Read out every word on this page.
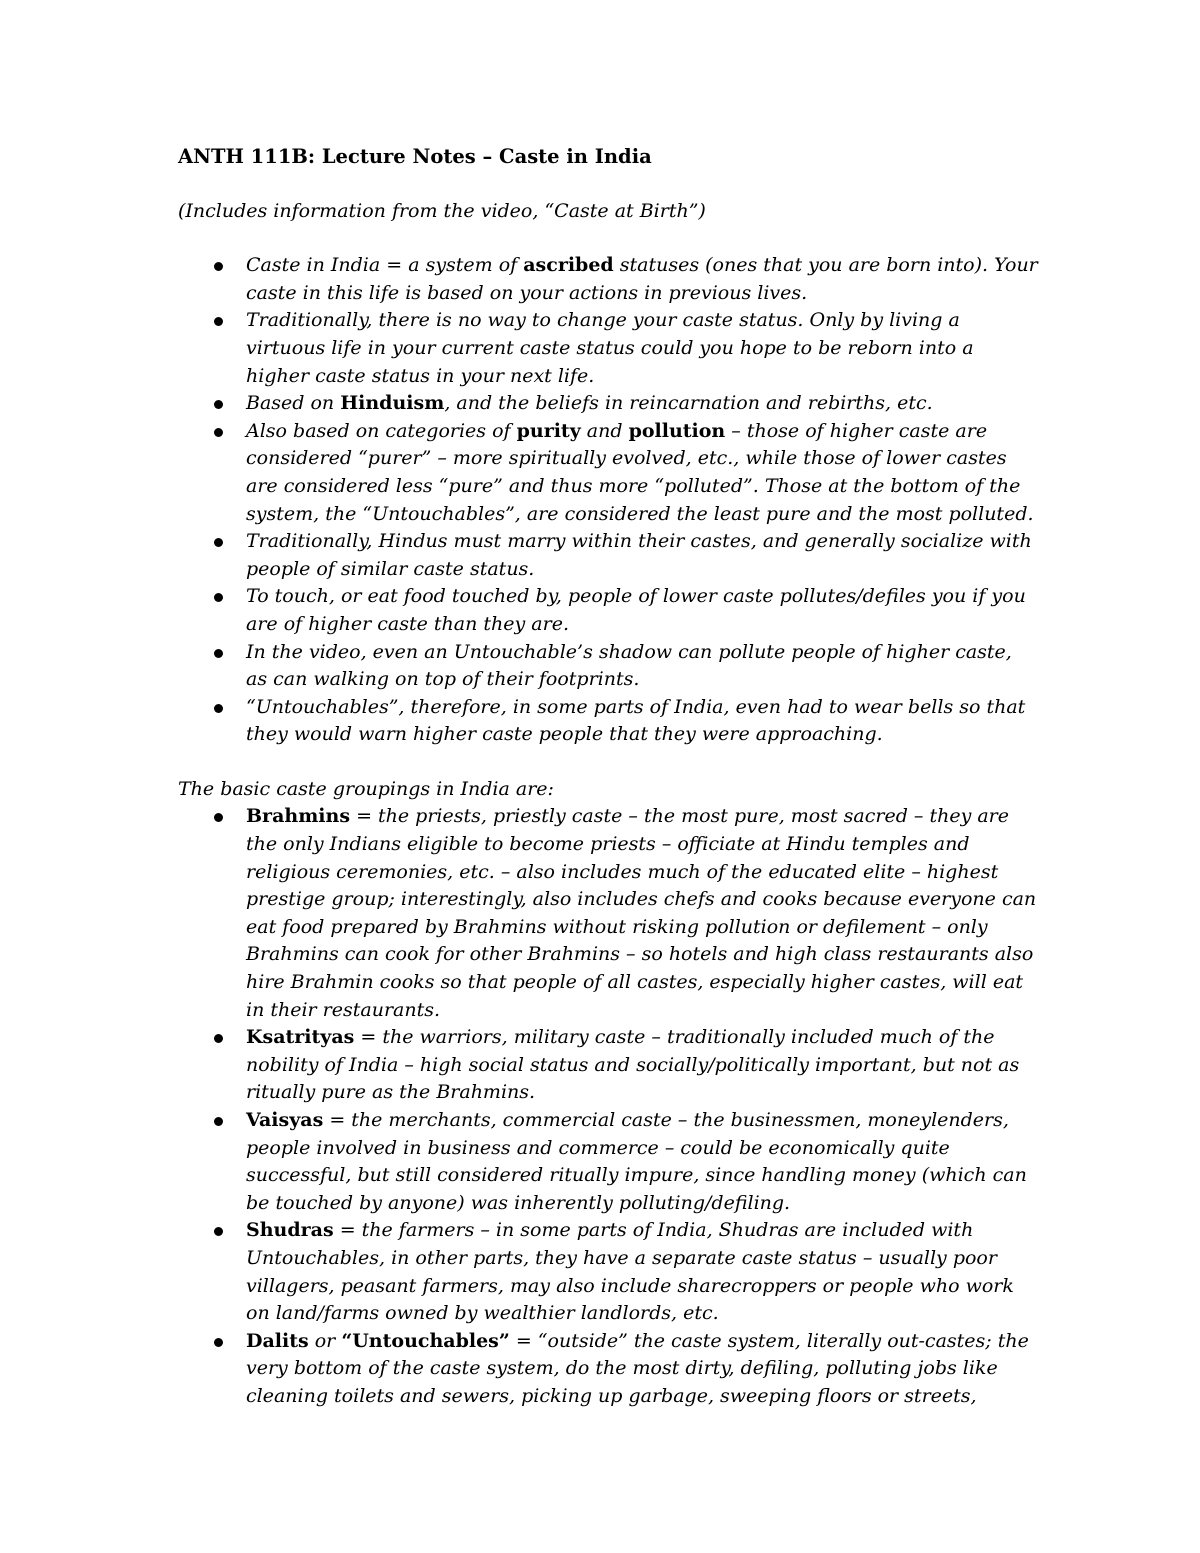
ANTH 111B: Lecture Notes – Caste in India

(Includes information from the video, “Caste at Birth”)

Caste in India = a system of ascribed statuses (ones that you are born into). Your caste in this life is based on your actions in previous lives.
Traditionally, there is no way to change your caste status. Only by living a virtuous life in your current caste status could you hope to be reborn into a higher caste status in your next life.
Based on Hinduism, and the beliefs in reincarnation and rebirths, etc.
Also based on categories of purity and pollution – those of higher caste are considered “purer” – more spiritually evolved, etc., while those of lower castes are considered less “pure” and thus more “polluted”. Those at the bottom of the system, the “Untouchables”, are considered the least pure and the most polluted.
Traditionally, Hindus must marry within their castes, and generally socialize with people of similar caste status.
To touch, or eat food touched by, people of lower caste pollutes/defiles you if you are of higher caste than they are.
In the video, even an Untouchable’s shadow can pollute people of higher caste, as can walking on top of their footprints.
“Untouchables”, therefore, in some parts of India, even had to wear bells so that they would warn higher caste people that they were approaching.

The basic caste groupings in India are:

Brahmins = the priests, priestly caste – the most pure, most sacred – they are the only Indians eligible to become priests – officiate at Hindu temples and religious ceremonies, etc. – also includes much of the educated elite – highest prestige group; interestingly, also includes chefs and cooks because everyone can eat food prepared by Brahmins without risking pollution or defilement – only Brahmins can cook for other Brahmins – so hotels and high class restaurants also hire Brahmin cooks so that people of all castes, especially higher castes, will eat in their restaurants.
Ksatrityas = the warriors, military caste – traditionally included much of the nobility of India – high social status and socially/politically important, but not as ritually pure as the Brahmins.
Vaisyas = the merchants, commercial caste – the businessmen, moneylenders, people involved in business and commerce – could be economically quite successful, but still considered ritually impure, since handling money (which can be touched by anyone) was inherently polluting/defiling.
Shudras = the farmers – in some parts of India, Shudras are included with Untouchables, in other parts, they have a separate caste status – usually poor villagers, peasant farmers, may also include sharecroppers or people who work on land/farms owned by wealthier landlords, etc.
Dalits or “Untouchables” = “outside” the caste system, literally out-castes; the very bottom of the caste system, do the most dirty, defiling, polluting jobs like cleaning toilets and sewers, picking up garbage, sweeping floors or streets,
